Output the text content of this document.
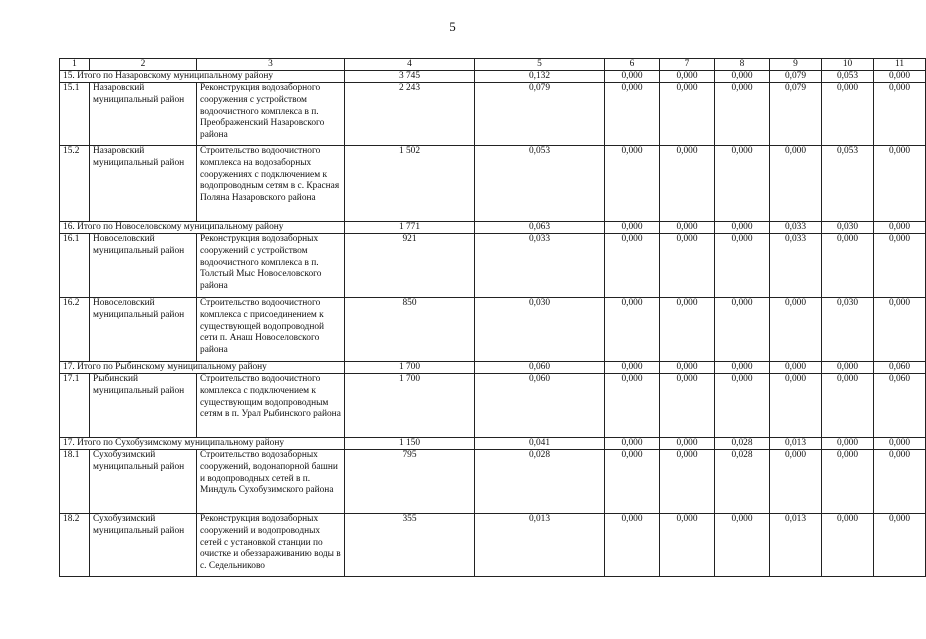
5
1	2	3	4	5	6	7	8	9	10	11
15. Итого по Назаровскому муниципальному району			3 745	0,132	0,000	0,000	0,000	0,079	0,053	0,000
15.1	Назаровский муниципальный район	Реконструкция водозаборного сооружения с устройством водоочистного комплекса в п. Преображенский Назаровского района	2 243	0,079	0,000	0,000	0,000	0,079	0,000	0,000
15.2	Назаровский муниципальный район	Строительство водоочистного комплекса на водозаборных сооружениях с подключением к водопроводным сетям в с. Красная Поляна Назаровского района	1 502	0,053	0,000	0,000	0,000	0,000	0,053	0,000
16. Итого по Новоселовскому муниципальному району			1 771	0,063	0,000	0,000	0,000	0,033	0,030	0,000
16.1	Новоселовский муниципальный район	Реконструкция водозаборных сооружений с устройством водоочистного комплекса в п. Толстый Мыс Новоселовского района	921	0,033	0,000	0,000	0,000	0,033	0,000	0,000
16.2	Новоселовский муниципальный район	Строительство водоочистного комплекса с присоединением к существующей водопроводной сети п. Анаш Новоселовского района	850	0,030	0,000	0,000	0,000	0,000	0,030	0,000
17. Итого по Рыбинскому муниципальному району			1 700	0,060	0,000	0,000	0,000	0,000	0,000	0,060
17.1	Рыбинский муниципальный район	Строительство водоочистного комплекса с подключением к существующим водопроводным сетям в п. Урал Рыбинского района	1 700	0,060	0,000	0,000	0,000	0,000	0,000	0,060
17. Итого по Сухобузимскому муниципальному району			1 150	0,041	0,000	0,000	0,028	0,013	0,000	0,000
18.1	Сухобузимский муниципальный район	Строительство водозаборных сооружений, водонапорной башни и водопроводных сетей в п. Миндуль Сухобузимского района	795	0,028	0,000	0,000	0,028	0,000	0,000	0,000
18.2	Сухобузимский муниципальный район	Реконструкция водозаборных сооружений и водопроводных сетей с установкой станции по очистке и обеззараживанию воды в с. Седельниково	355	0,013	0,000	0,000	0,000	0,013	0,000	0,000
